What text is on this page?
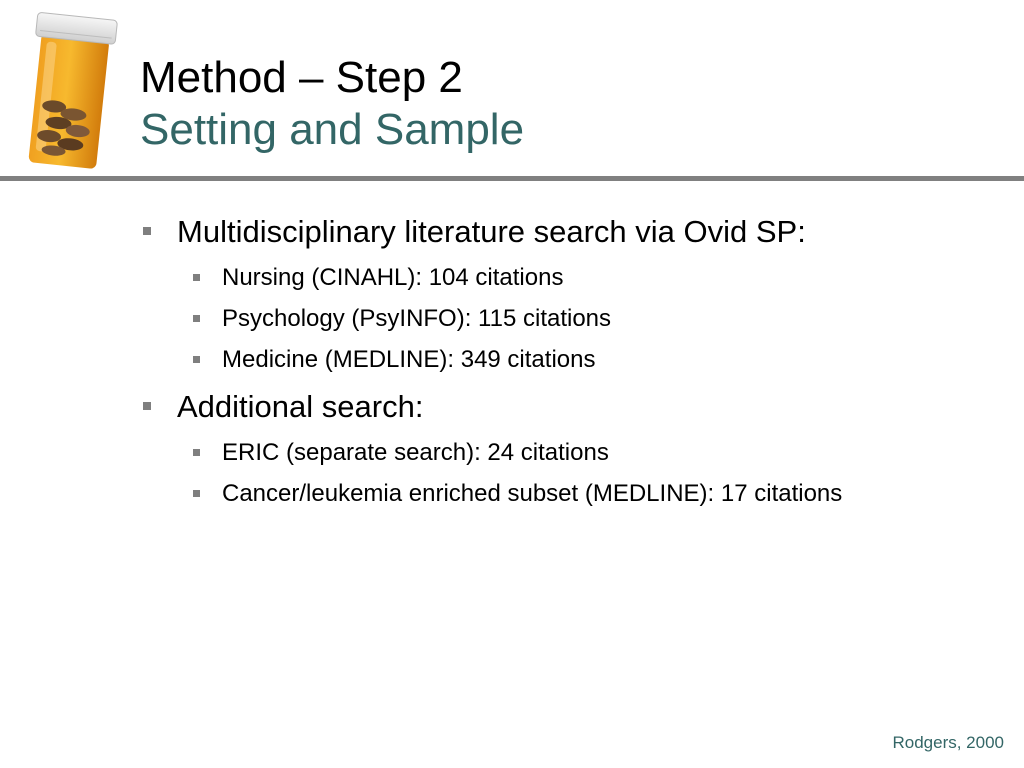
Method – Step 2
Setting and Sample
Multidisciplinary literature search via Ovid SP:
Nursing (CINAHL): 104 citations
Psychology (PsyINFO): 115 citations
Medicine (MEDLINE): 349 citations
Additional search:
ERIC (separate search): 24 citations
Cancer/leukemia enriched subset (MEDLINE): 17 citations
Rodgers, 2000
